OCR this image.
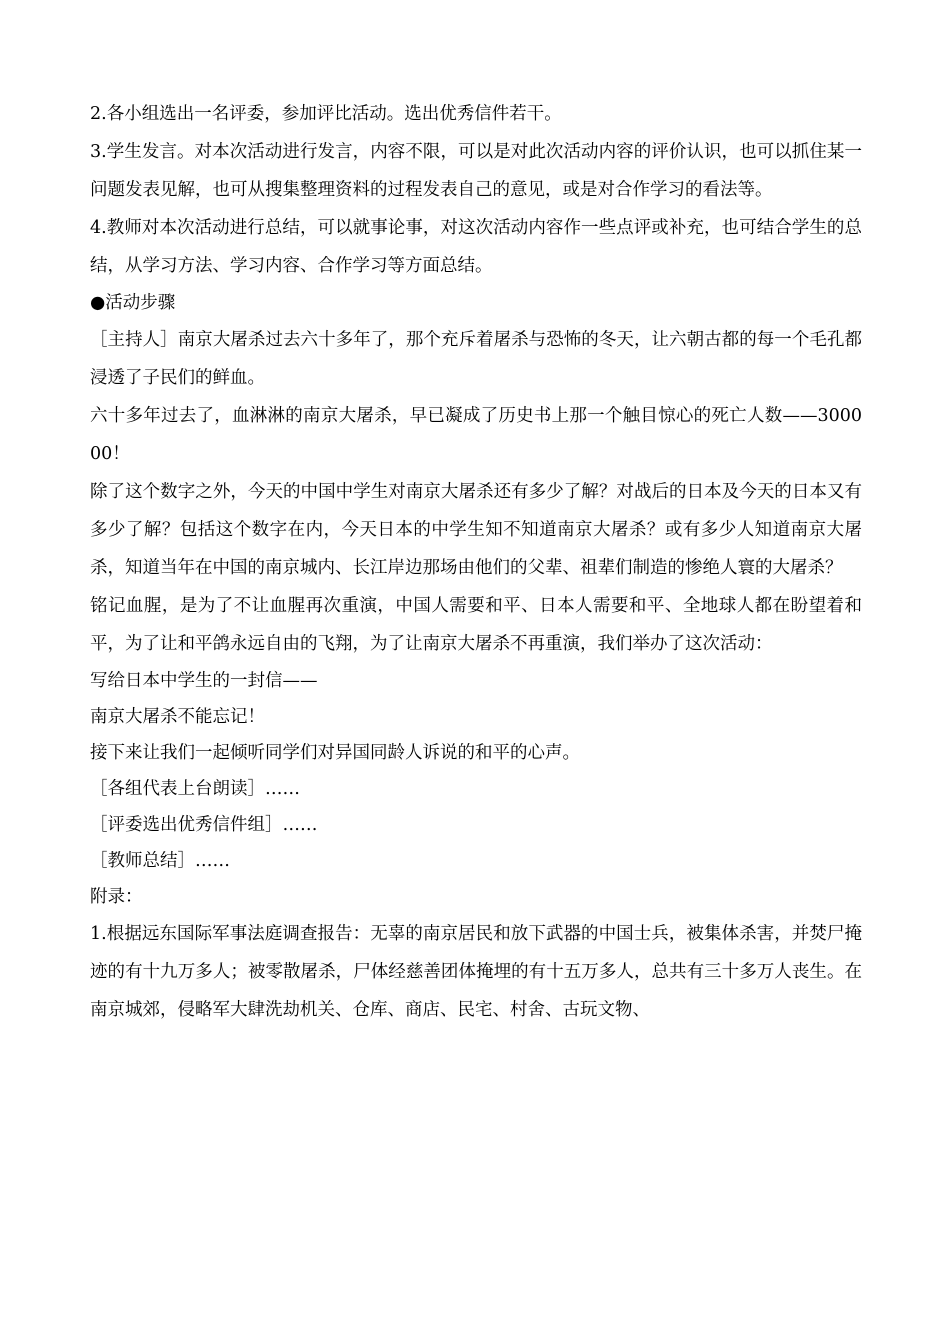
2.各小组选出一名评委，参加评比活动。选出优秀信件若干。

3.学生发言。对本次活动进行发言，内容不限，可以是对此次活动内容的评价认识，也可以抓住某一问题发表见解，也可从搜集整理资料的过程发表自己的意见，或是对合作学习的看法等。

4.教师对本次活动进行总结，可以就事论事，对这次活动内容作一些点评或补充，也可结合学生的总结，从学习方法、学习内容、合作学习等方面总结。

●活动步骤

［主持人］南京大屠杀过去六十多年了，那个充斥着屠杀与恐怖的冬天，让六朝古都的每一个毛孔都浸透了子民们的鲜血。

六十多年过去了，血淋淋的南京大屠杀，早已凝成了历史书上那一个触目惊心的死亡人数——300000！

除了这个数字之外，今天的中国中学生对南京大屠杀还有多少了解？对战后的日本及今天的日本又有多少了解？包括这个数字在内，今天日本的中学生知不知道南京大屠杀？或有多少人知道南京大屠杀，知道当年在中国的南京城内、长江岸边那场由他们的父辈、祖辈们制造的惨绝人寰的大屠杀？

铭记血腥，是为了不让血腥再次重演，中国人需要和平、日本人需要和平、全地球人都在盼望着和平，为了让和平鸽永远自由的飞翔，为了让南京大屠杀不再重演，我们举办了这次活动：

写给日本中学生的一封信——

南京大屠杀不能忘记！

接下来让我们一起倾听同学们对异国同龄人诉说的和平的心声。

［各组代表上台朗读］……

［评委选出优秀信件组］……

［教师总结］……

附录：

1.根据远东国际军事法庭调查报告：无辜的南京居民和放下武器的中国士兵，被集体杀害，并焚尸掩迹的有十九万多人；被零散屠杀，尸体经慈善团体掩埋的有十五万多人，总共有三十多万人丧生。在南京城郊，侵略军大肆洗劫机关、仓库、商店、民宅、村舍、古玩文物、
